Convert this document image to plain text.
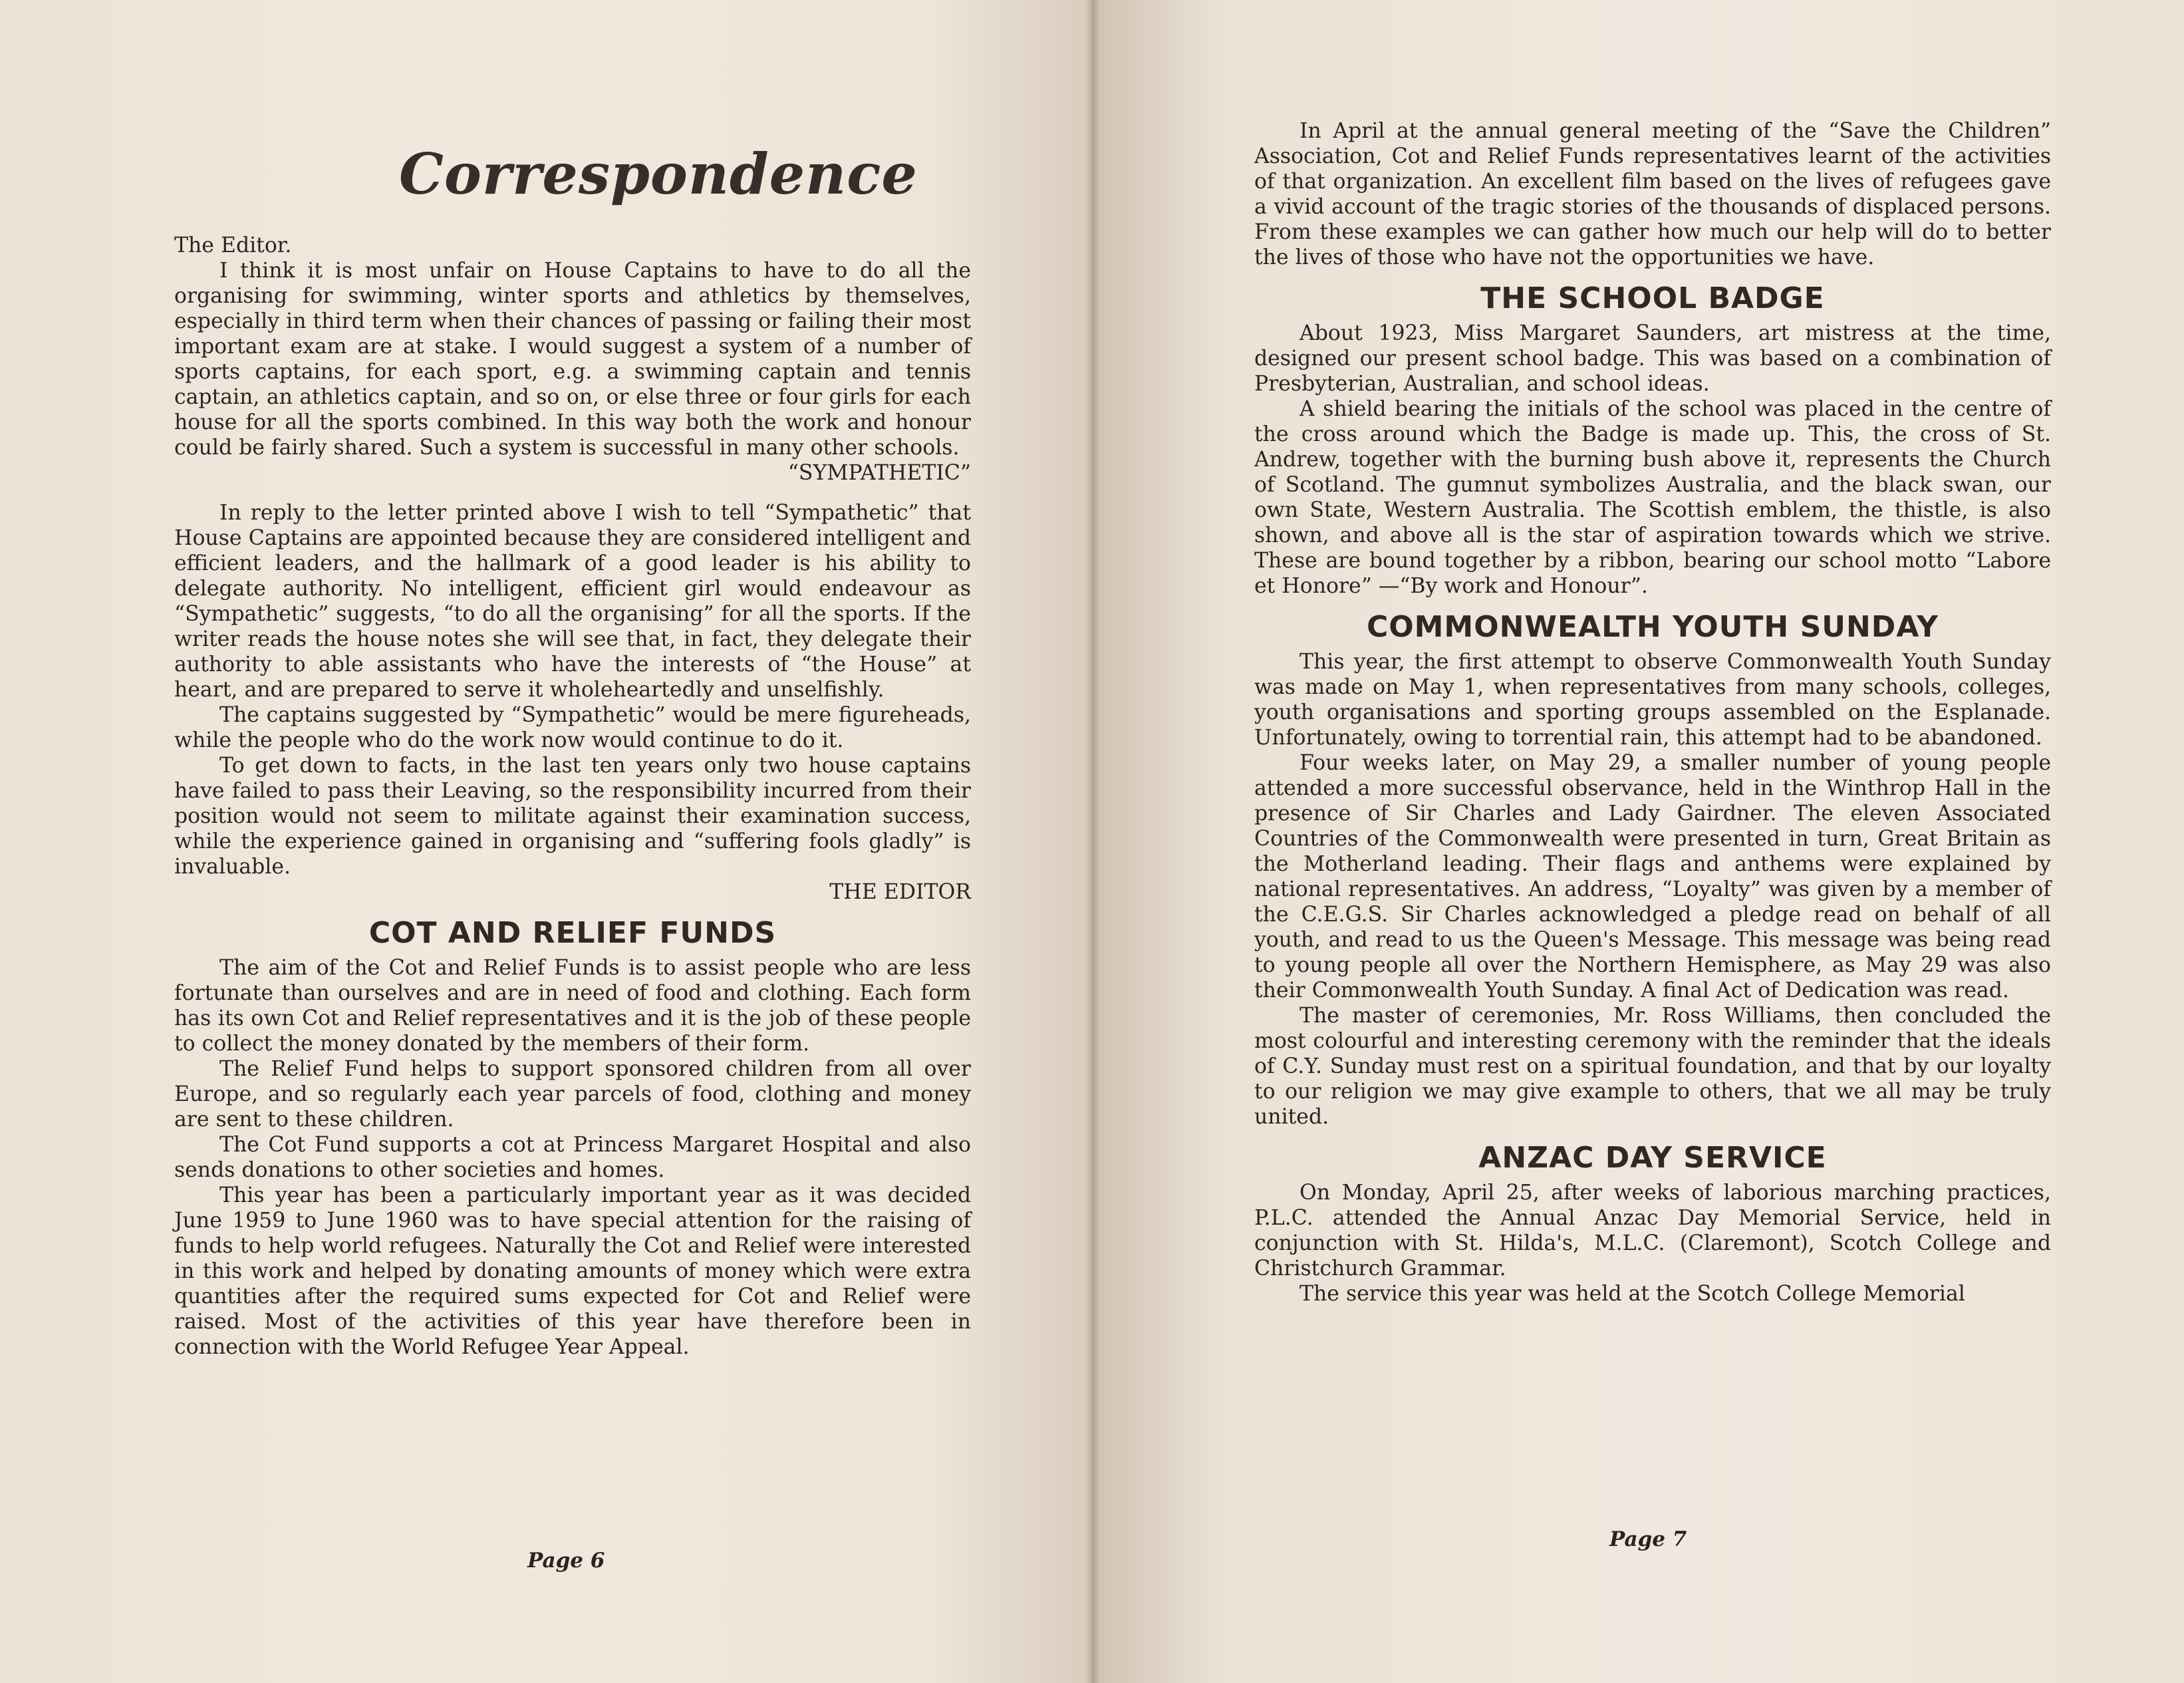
Correspondence

The Editor.

I think it is most unfair on House Captains to have to do all the organising for swimming, winter sports and athletics by themselves, especially in third term when their chances of passing or failing their most important exam are at stake. I would suggest a system of a number of sports captains, for each sport, e.g. a swimming captain and tennis captain, an athletics captain, and so on, or else three or four girls for each house for all the sports combined. In this way both the work and honour could be fairly shared. Such a system is successful in many other schools.

“SYMPATHETIC”

In reply to the letter printed above I wish to tell “Sympathetic” that House Captains are appointed because they are considered intelligent and efficient leaders, and the hallmark of a good leader is his ability to delegate authority. No intelligent, efficient girl would endeavour as “Sympathetic” suggests, “to do all the organising” for all the sports. If the writer reads the house notes she will see that, in fact, they delegate their authority to able assistants who have the interests of “the House” at heart, and are prepared to serve it wholeheartedly and unselfishly.

The captains suggested by “Sympathetic” would be mere figureheads, while the people who do the work now would continue to do it.

To get down to facts, in the last ten years only two house captains have failed to pass their Leaving, so the responsibility incurred from their position would not seem to militate against their examination success, while the experience gained in organising and “suffering fools gladly” is invaluable.

THE EDITOR

COT AND RELIEF FUNDS

The aim of the Cot and Relief Funds is to assist people who are less fortunate than ourselves and are in need of food and clothing. Each form has its own Cot and Relief representatives and it is the job of these people to collect the money donated by the members of their form.

The Relief Fund helps to support sponsored children from all over Europe, and so regularly each year parcels of food, clothing and money are sent to these children.

The Cot Fund supports a cot at Princess Margaret Hospital and also sends donations to other societies and homes.

This year has been a particularly important year as it was decided June 1959 to June 1960 was to have special attention for the raising of funds to help world refugees. Naturally the Cot and Relief were interested in this work and helped by donating amounts of money which were extra quantities after the required sums expected for Cot and Relief were raised. Most of the activities of this year have therefore been in connection with the World Refugee Year Appeal.

Page 6

In April at the annual general meeting of the “Save the Children” Association, Cot and Relief Funds representatives learnt of the activities of that organization. An excellent film based on the lives of refugees gave a vivid account of the tragic stories of the thousands of displaced persons. From these examples we can gather how much our help will do to better the lives of those who have not the opportunities we have.

THE SCHOOL BADGE

About 1923, Miss Margaret Saunders, art mistress at the time, designed our present school badge. This was based on a combination of Presbyterian, Australian, and school ideas.

A shield bearing the initials of the school was placed in the centre of the cross around which the Badge is made up. This, the cross of St. Andrew, together with the burning bush above it, represents the Church of Scotland. The gumnut symbolizes Australia, and the black swan, our own State, Western Australia. The Scottish emblem, the thistle, is also shown, and above all is the star of aspiration towards which we strive. These are bound together by a ribbon, bearing our school motto “Labore et Honore” —“By work and Honour”.

COMMONWEALTH YOUTH SUNDAY

This year, the first attempt to observe Commonwealth Youth Sunday was made on May 1, when representatives from many schools, colleges, youth organisations and sporting groups assembled on the Esplanade. Unfortunately, owing to torrential rain, this attempt had to be abandoned.

Four weeks later, on May 29, a smaller number of young people attended a more successful observance, held in the Winthrop Hall in the presence of Sir Charles and Lady Gairdner. The eleven Associated Countries of the Commonwealth were presented in turn, Great Britain as the Motherland leading. Their flags and anthems were explained by national representatives. An address, “Loyalty” was given by a member of the C.E.G.S. Sir Charles acknowledged a pledge read on behalf of all youth, and read to us the Queen's Message. This message was being read to young people all over the Northern Hemisphere, as May 29 was also their Commonwealth Youth Sunday. A final Act of Dedication was read.

The master of ceremonies, Mr. Ross Williams, then concluded the most colourful and interesting ceremony with the reminder that the ideals of C.Y. Sunday must rest on a spiritual foundation, and that by our loyalty to our religion we may give example to others, that we all may be truly united.

ANZAC DAY SERVICE

On Monday, April 25, after weeks of laborious marching practices, P.L.C. attended the Annual Anzac Day Memorial Service, held in conjunction with St. Hilda's, M.L.C. (Claremont), Scotch College and Christchurch Grammar.

The service this year was held at the Scotch College Memorial

Page 7
